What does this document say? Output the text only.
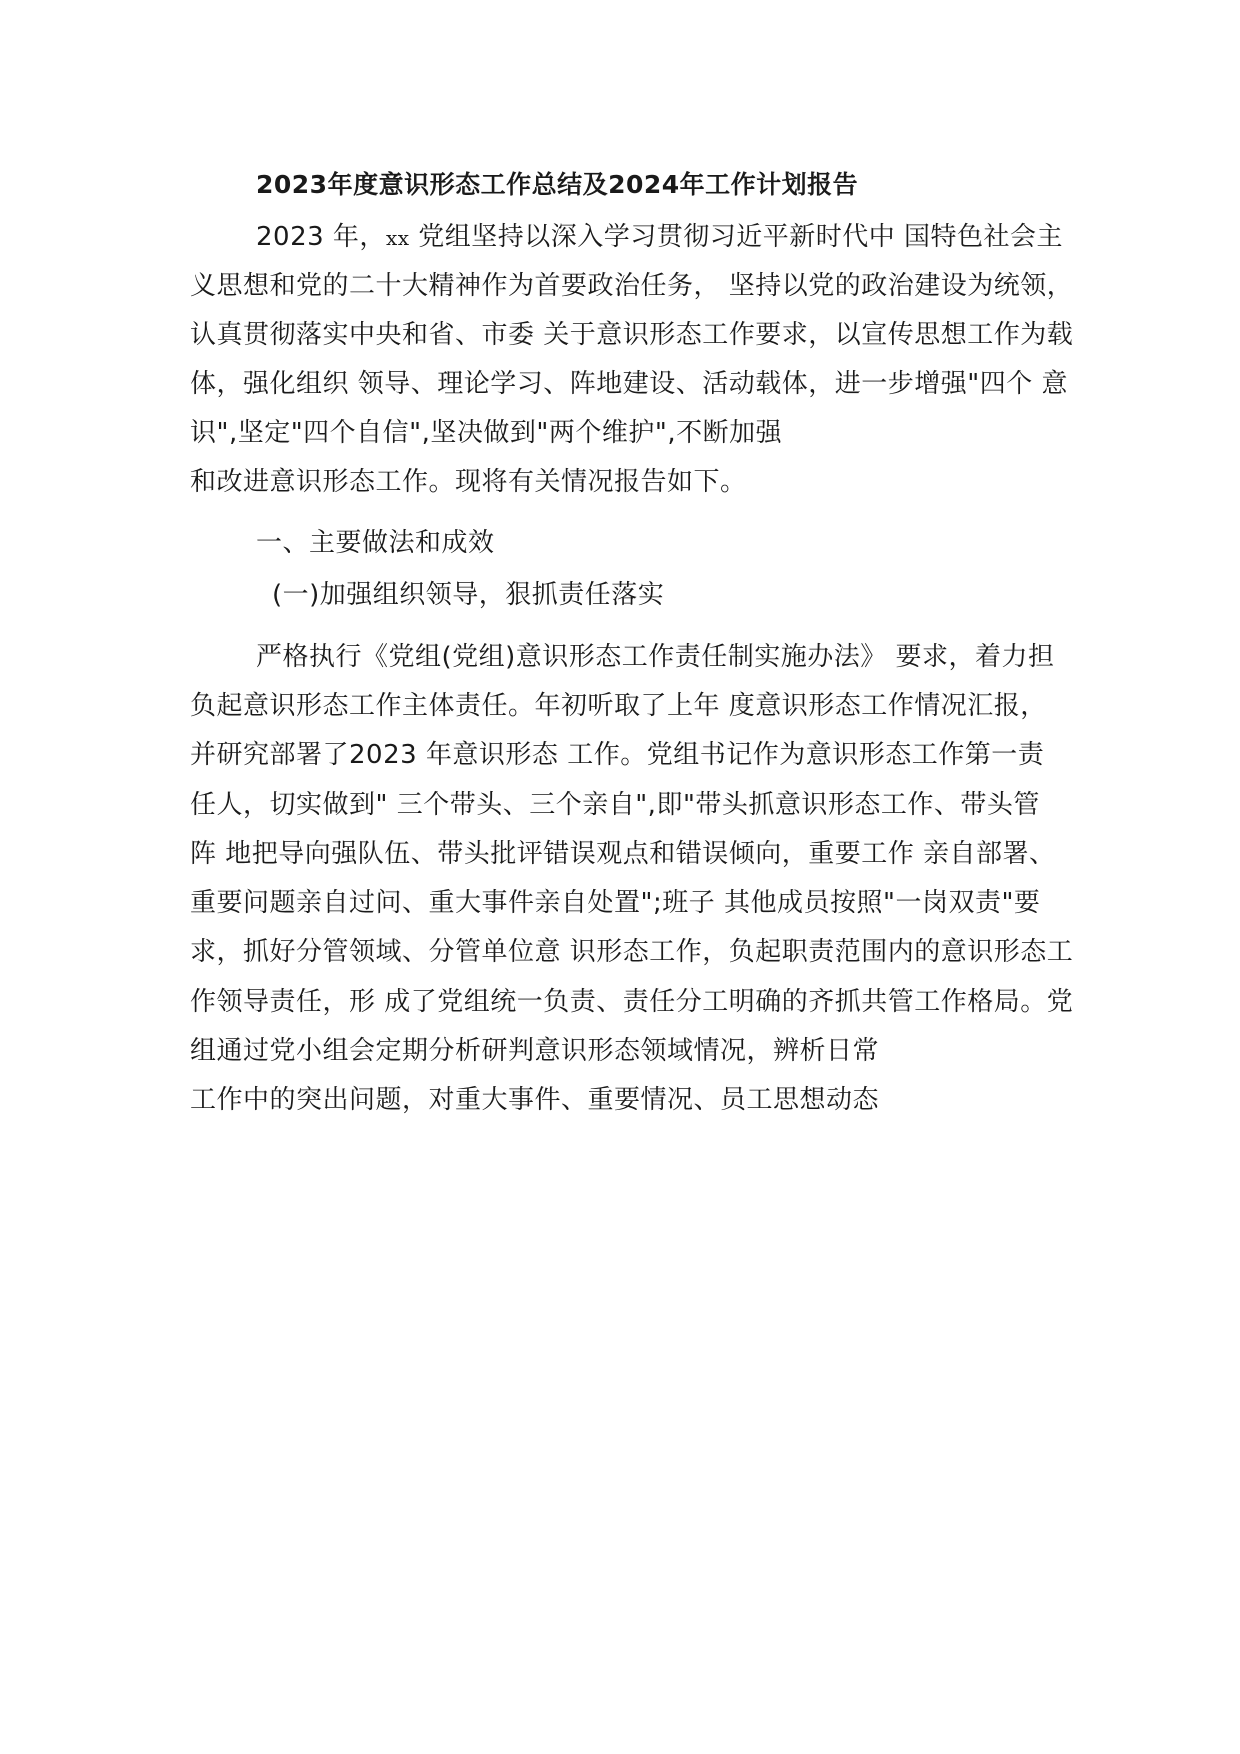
2023年度意识形态工作总结及2024年工作计划报告
2023 年，xx 党组坚持以深入学习贯彻习近平新时代中 国特色社会主
义思想和党的二十大精神作为首要政治任务， 坚持以党的政治建设为统领，
认真贯彻落实中央和省、市委 关于意识形态工作要求，以宣传思想工作为载
体，强化组织 领导、理论学习、阵地建设、活动载体，进一步增强"四个 意
识",坚定"四个自信",坚决做到"两个维护",不断加强
和改进意识形态工作。现将有关情况报告如下。
一、主要做法和成效
(一)加强组织领导，狠抓责任落实
严格执行《党组(党组)意识形态工作责任制实施办法》 要求，着力担
负起意识形态工作主体责任。年初听取了上年 度意识形态工作情况汇报，
并研究部署了2023 年意识形态 工作。党组书记作为意识形态工作第一责
任人，切实做到" 三个带头、三个亲自",即"带头抓意识形态工作、带头管
阵 地把导向强队伍、带头批评错误观点和错误倾向，重要工作 亲自部署、
重要问题亲自过问、重大事件亲自处置";班子 其他成员按照"一岗双责"要
求，抓好分管领域、分管单位意 识形态工作，负起职责范围内的意识形态工
作领导责任，形 成了党组统一负责、责任分工明确的齐抓共管工作格局。党
组通过党小组会定期分析研判意识形态领域情况，辨析日常
工作中的突出问题，对重大事件、重要情况、员工思想动态
